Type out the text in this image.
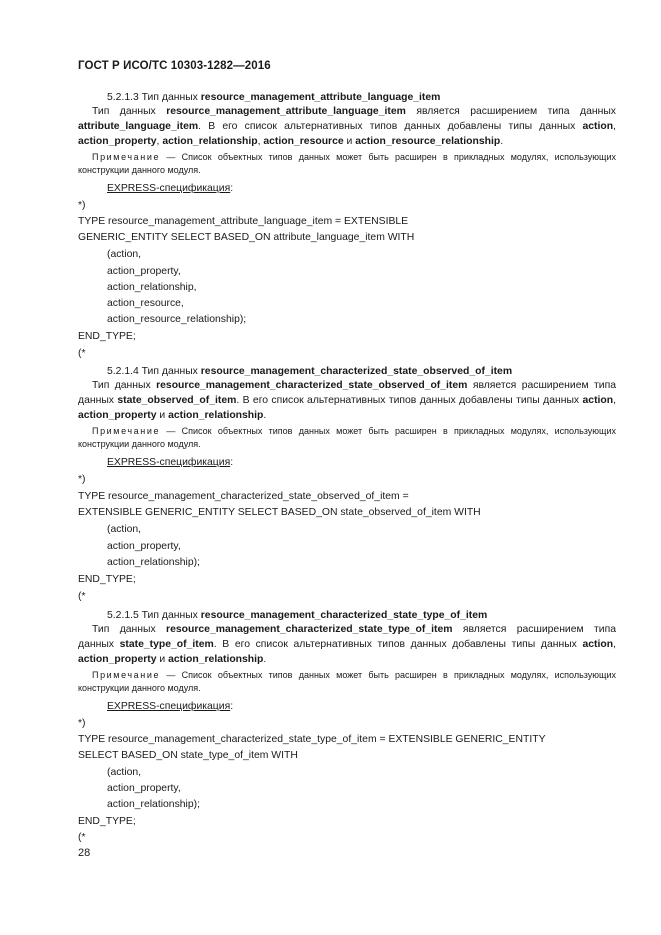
ГОСТ Р ИСО/ТС 10303-1282—2016
5.2.1.3 Тип данных resource_management_attribute_language_item
Тип данных resource_management_attribute_language_item является расширением типа данных attribute_language_item. В его список альтернативных типов данных добавлены типы данных action, action_property, action_relationship, action_resource и action_resource_relationship.
Примечание — Список объектных типов данных может быть расширен в прикладных модулях, использующих конструкции данного модуля.
EXPRESS-спецификация:
*)
TYPE resource_management_attribute_language_item = EXTENSIBLE
GENERIC_ENTITY SELECT BASED_ON attribute_language_item WITH
(action,
action_property,
action_relationship,
action_resource,
action_resource_relationship);
END_TYPE;
(*
5.2.1.4 Тип данных resource_management_characterized_state_observed_of_item
Тип данных resource_management_characterized_state_observed_of_item является расширением типа данных state_observed_of_item. В его список альтернативных типов данных добавлены типы данных action, action_property и action_relationship.
Примечание — Список объектных типов данных может быть расширен в прикладных модулях, использующих конструкции данного модуля.
EXPRESS-спецификация:
*)
TYPE resource_management_characterized_state_observed_of_item =
EXTENSIBLE GENERIC_ENTITY SELECT BASED_ON state_observed_of_item WITH
(action,
action_property,
action_relationship);
END_TYPE;
(*
5.2.1.5 Тип данных resource_management_characterized_state_type_of_item
Тип данных resource_management_characterized_state_type_of_item является расширением типа данных state_type_of_item. В его список альтернативных типов данных добавлены типы данных action, action_property и action_relationship.
Примечание — Список объектных типов данных может быть расширен в прикладных модулях, использующих конструкции данного модуля.
EXPRESS-спецификация:
*)
TYPE resource_management_characterized_state_type_of_item = EXTENSIBLE GENERIC_ENTITY
SELECT BASED_ON state_type_of_item WITH
(action,
action_property,
action_relationship);
END_TYPE;
(*
28
